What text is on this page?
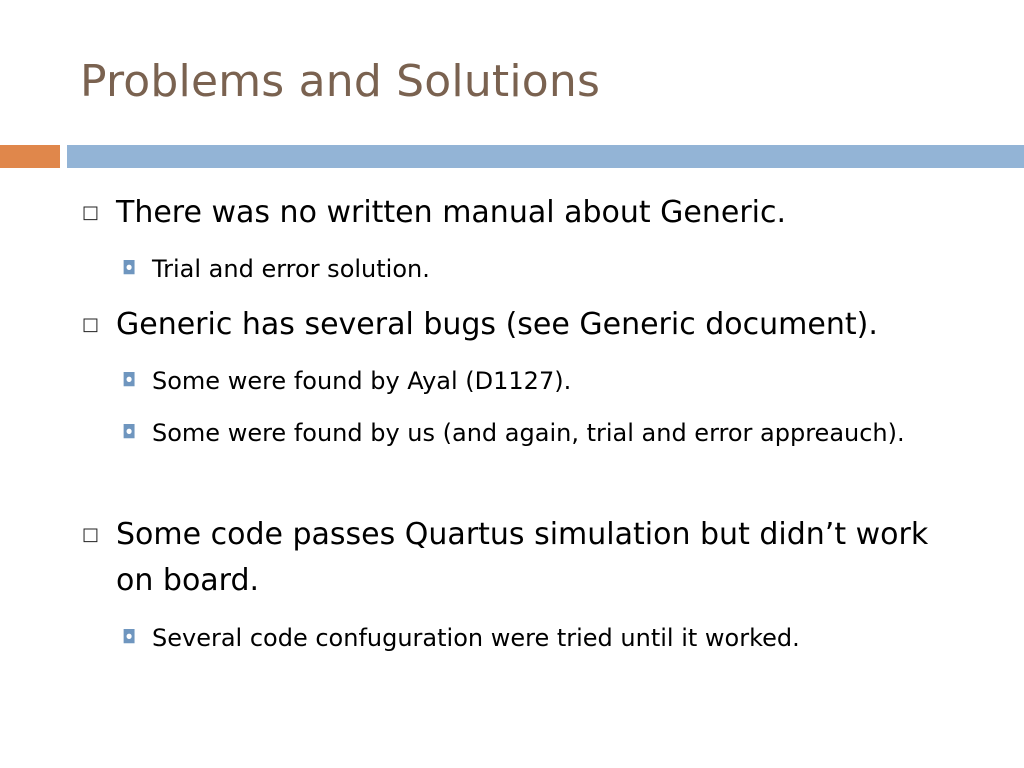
Problems and Solutions
□ There was no written manual about Generic.
◘ Trial and error solution.
□ Generic has several bugs (see Generic document).
◘ Some were found by Ayal (D1127).
◘ Some were found by us (and again, trial and error appreauch).
□ Some code passes Quartus simulation but didn’t work on board.
◘ Several code confuguration were tried until it worked.
